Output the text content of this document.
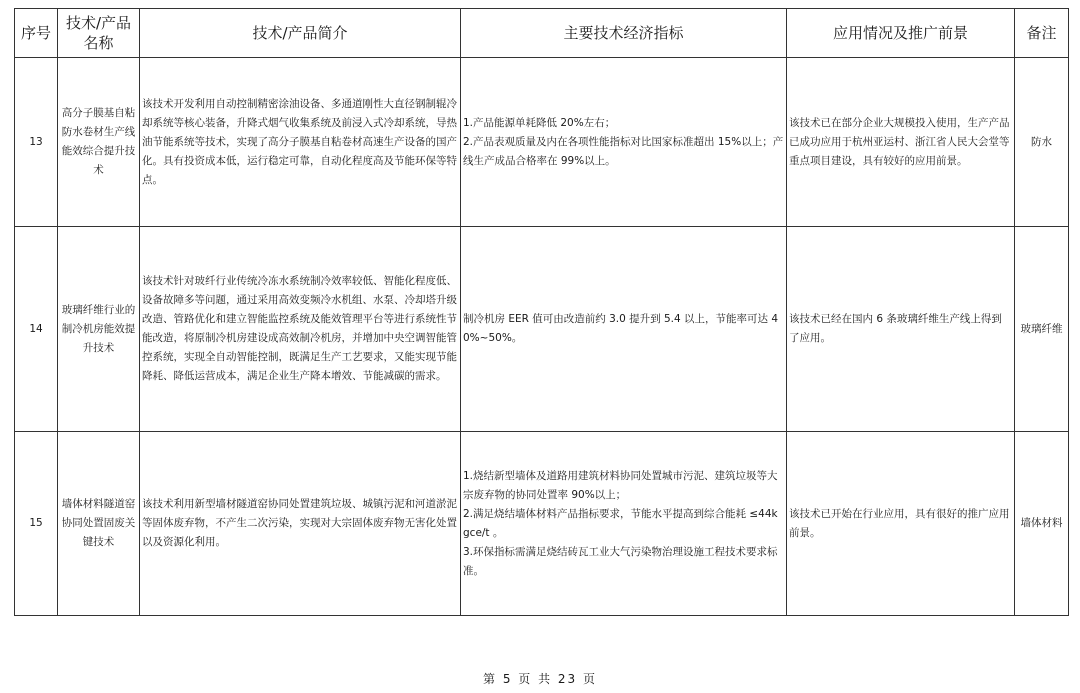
序号	技术/产品名称	技术/产品简介	主要技术经济指标	应用情况及推广前景	备注
13	高分子膜基自粘防水卷材生产线能效综合提升技术	该技术开发利用自动控制精密涂油设备、多通道刚性大直径钢制辊冷却系统等核心装备，升降式烟气收集系统及前浸入式冷却系统，导热油节能系统等技术，实现了高分子膜基自粘卷材高速生产设备的国产化。具有投资成本低，运行稳定可靠，自动化程度高及节能环保等特点。	1.产品能源单耗降低 20%左右；
2.产品表观质量及内在各项性能指标对比国家标准超出 15%以上；产线生产成品合格率在 99%以上。	该技术已在部分企业大规模投入使用，生产产品已成功应用于杭州亚运村、浙江省人民大会堂等重点项目建设，具有较好的应用前景。	防水
14	玻璃纤维行业的制冷机房能效提升技术	该技术针对玻纤行业传统冷冻水系统制冷效率较低、智能化程度低、设备故障多等问题，通过采用高效变频冷水机组、水泵、冷却塔升级改造、管路优化和建立智能监控系统及能效管理平台等进行系统性节能改造，将原制冷机房建设成高效制冷机房，并增加中央空调智能管控系统，实现全自动智能控制，既满足生产工艺要求，又能实现节能降耗、降低运营成本，满足企业生产降本增效、节能减碳的需求。	制冷机房 EER 值可由改造前约 3.0 提升到 5.4 以上，节能率可达 40%~50%。	该技术已经在国内 6 条玻璃纤维生产线上得到了应用。	玻璃纤维
15	墙体材料隧道窑协同处置固废关键技术	该技术利用新型墙材隧道窑协同处置建筑垃圾、城镇污泥和河道淤泥等固体废弃物，不产生二次污染，实现对大宗固体废弃物无害化处置以及资源化利用。	1.烧结新型墙体及道路用建筑材料协同处置城市污泥、建筑垃圾等大宗废弃物的协同处置率 90%以上；
2.满足烧结墙体材料产品指标要求，节能水平提高到综合能耗 ≤44kgce/t 。
3.环保指标需满足烧结砖瓦工业大气污染物治理设施工程技术要求标准。	该技术已开始在行业应用，具有很好的推广应用前景。	墙体材料
第 5 页 共 23 页
